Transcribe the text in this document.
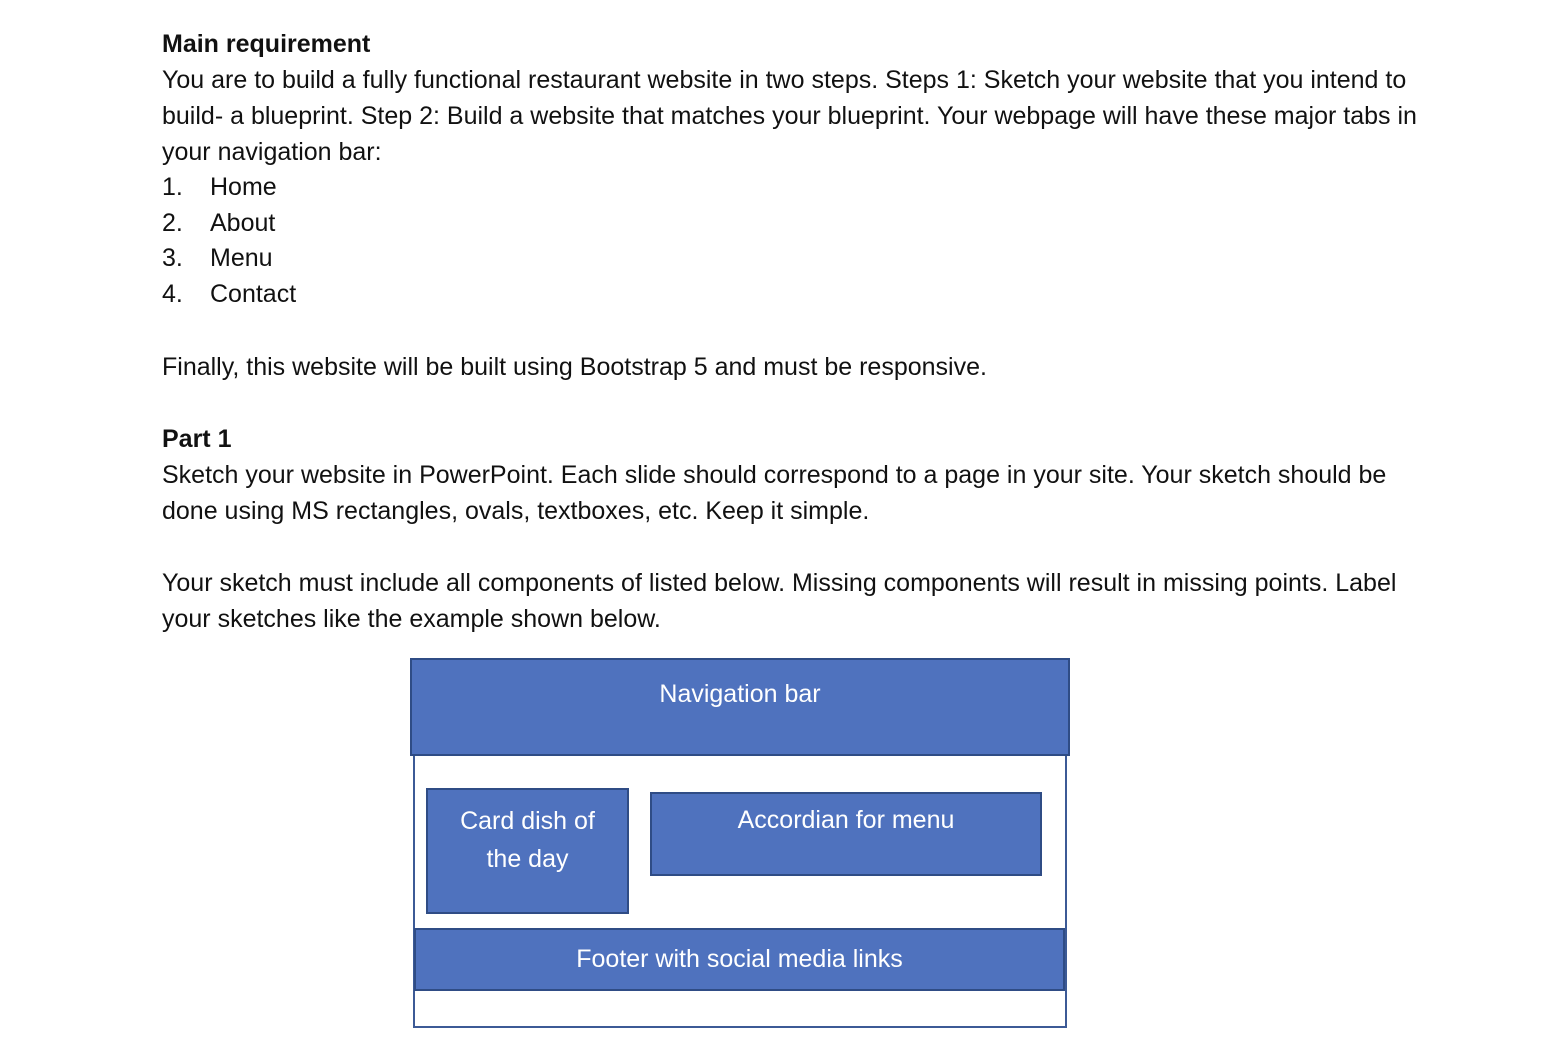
Main requirement

You are to build a fully functional restaurant website in two steps. Steps 1: Sketch your website that you intend to build- a blueprint. Step 2: Build a website that matches your blueprint. Your webpage will have these major tabs in your navigation bar:

1.	Home
2.	About
3.	Menu
4.	Contact

Finally, this website will be built using Bootstrap 5 and must be responsive.

Part 1

Sketch your website in PowerPoint. Each slide should correspond to a page in your site. Your sketch should be done using MS rectangles, ovals, textboxes, etc. Keep it simple.

Your sketch must include all components of listed below. Missing components will result in missing points. Label your sketches like the example shown below.

Navigation bar
Card dish of
the day
Accordian for menu
Footer with social media links
